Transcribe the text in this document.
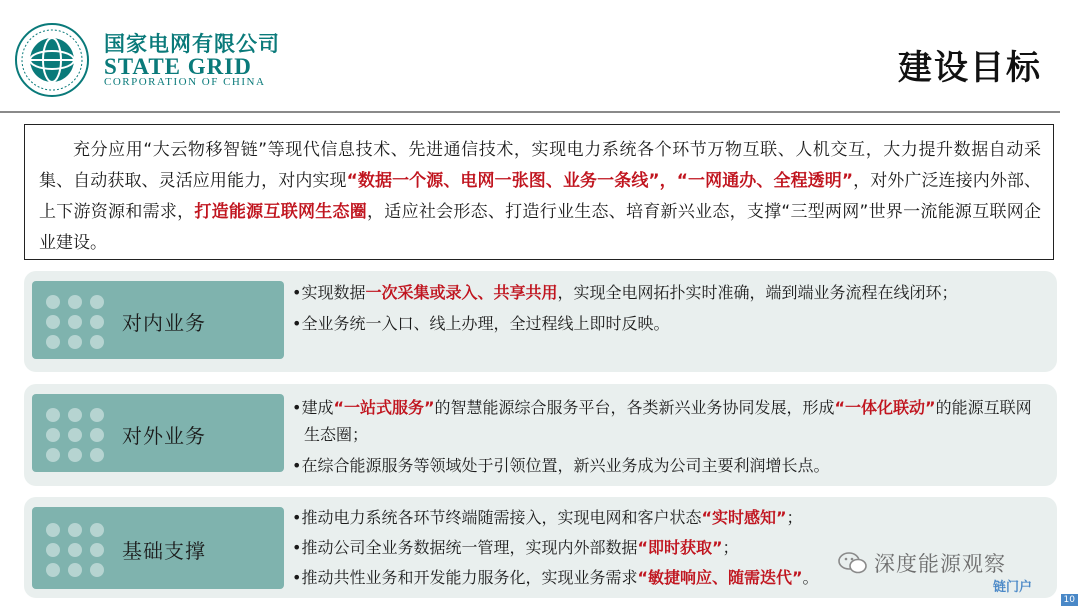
国家电网有限公司
STATE GRID
CORPORATION OF CHINA	建设目标
充分应用“大云物移智链”等现代信息技术、先进通信技术，实现电力系统各个环节万物互联、人机交互，大力提升数据自动采集、自动获取、灵活应用能力，对内实现“数据一个源、电网一张图、业务一条线”，“一网通办、全程透明”，对外广泛连接内外部、上下游资源和需求，打造能源互联网生态圈，适应社会形态、打造行业生态、培育新兴业态，支撑“三型两网”世界一流能源互联网企业建设。
对内业务
•实现数据一次采集或录入、共享共用，实现全电网拓扑实时准确，端到端业务流程在线闭环；
•全业务统一入口、线上办理，全过程线上即时反映。
对外业务
•建成“一站式服务”的智慧能源综合服务平台，各类新兴业务协同发展，形成“一体化联动”的能源互联网生态圈；
•在综合能源服务等领域处于引领位置，新兴业务成为公司主要利润增长点。
基础支撑
•推动电力系统各环节终端随需接入，实现电网和客户状态“实时感知”；
•推动公司全业务数据统一管理，实现内外部数据“即时获取”；
•推动共性业务和开发能力服务化，实现业务需求“敏捷响应、随需迭代”。
深度能源观察
链门户
10
